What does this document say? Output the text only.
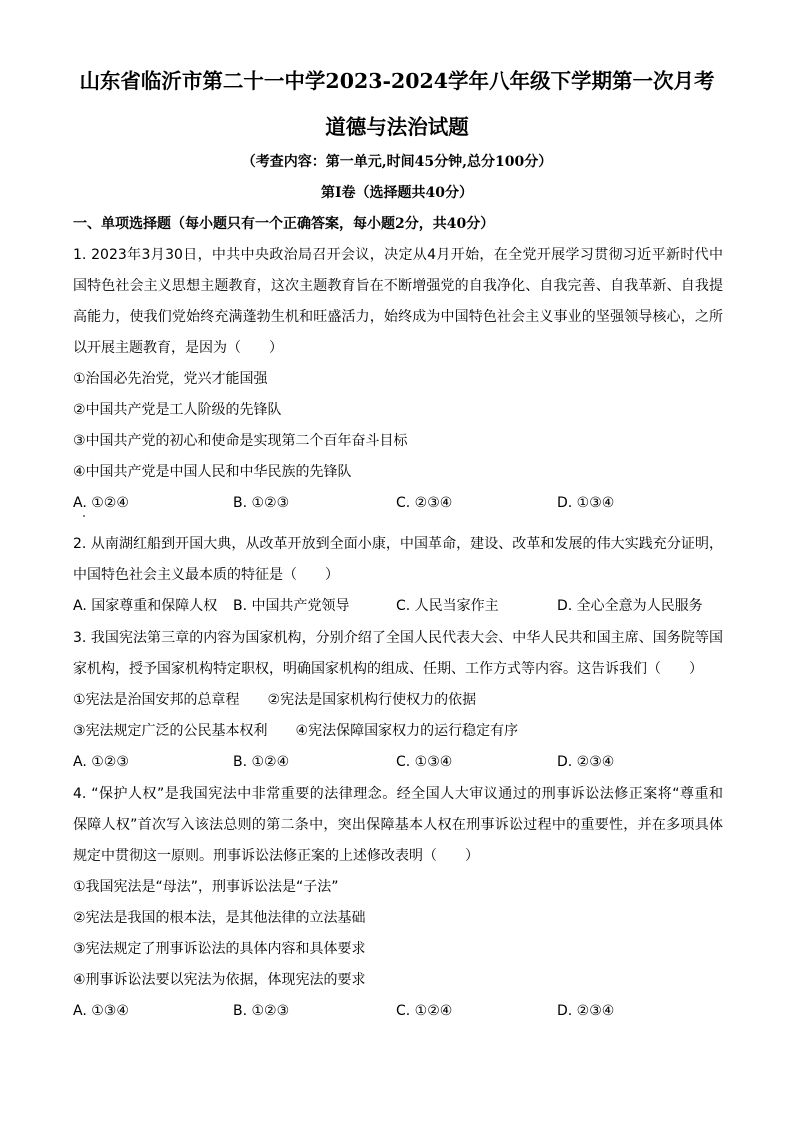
山东省临沂市第二十一中学2023-2024学年八年级下学期第一次月考
道德与法治试题
（考查内容：第一单元,时间45分钟,总分100分）
第Ⅰ卷（选择题共40分）
一、单项选择题（每小题只有一个正确答案，每小题2分，共40分）
1. 2023年3月30日，中共中央政治局召开会议，决定从4月开始，在全党开展学习贯彻习近平新时代中
国特色社会主义思想主题教育，这次主题教育旨在不断增强党的自我净化、自我完善、自我革新、自我提
高能力，使我们党始终充满蓬勃生机和旺盛活力，始终成为中国特色社会主义事业的坚强领导核心，之所
以开展主题教育，是因为（　　）
①治国必先治党，党兴才能国强
②中国共产党是工人阶级的先锋队
③中国共产党的初心和使命是实现第二个百年奋斗目标
④中国共产党是中国人民和中华民族的先锋队
A. ①②④	B. ①②③	C. ②③④	D. ①③④
2. 从南湖红船到开国大典，从改革开放到全面小康，中国革命，建设、改革和发展的伟大实践充分证明，
中国特色社会主义最本质的特征是（　　）
A. 国家尊重和保障人权 B. 中国共产党领导	C. 人民当家作主	D. 全心全意为人民服务
3. 我国宪法第三章的内容为国家机构，分别介绍了全国人民代表大会、中华人民共和国主席、国务院等国
家机构，授予国家机构特定职权，明确国家机构的组成、任期、工作方式等内容。这告诉我们（　　）
①宪法是治国安邦的总章程　　②宪法是国家机构行使权力的依据
③宪法规定广泛的公民基本权利　　④宪法保障国家权力的运行稳定有序
A. ①②③	B. ①②④	C. ①③④	D. ②③④
4. “保护人权”是我国宪法中非常重要的法律理念。经全国人大审议通过的刑事诉讼法修正案将“尊重和
保障人权”首次写入该法总则的第二条中，突出保障基本人权在刑事诉讼过程中的重要性，并在多项具体
规定中贯彻这一原则。刑事诉讼法修正案的上述修改表明（　　）
①我国宪法是“母法”，刑事诉讼法是“子法”
②宪法是我国的根本法，是其他法律的立法基础
③宪法规定了刑事诉讼法的具体内容和具体要求
④刑事诉讼法要以宪法为依据，体现宪法的要求
A. ①③④	B. ①②③	C. ①②④	D. ②③④
